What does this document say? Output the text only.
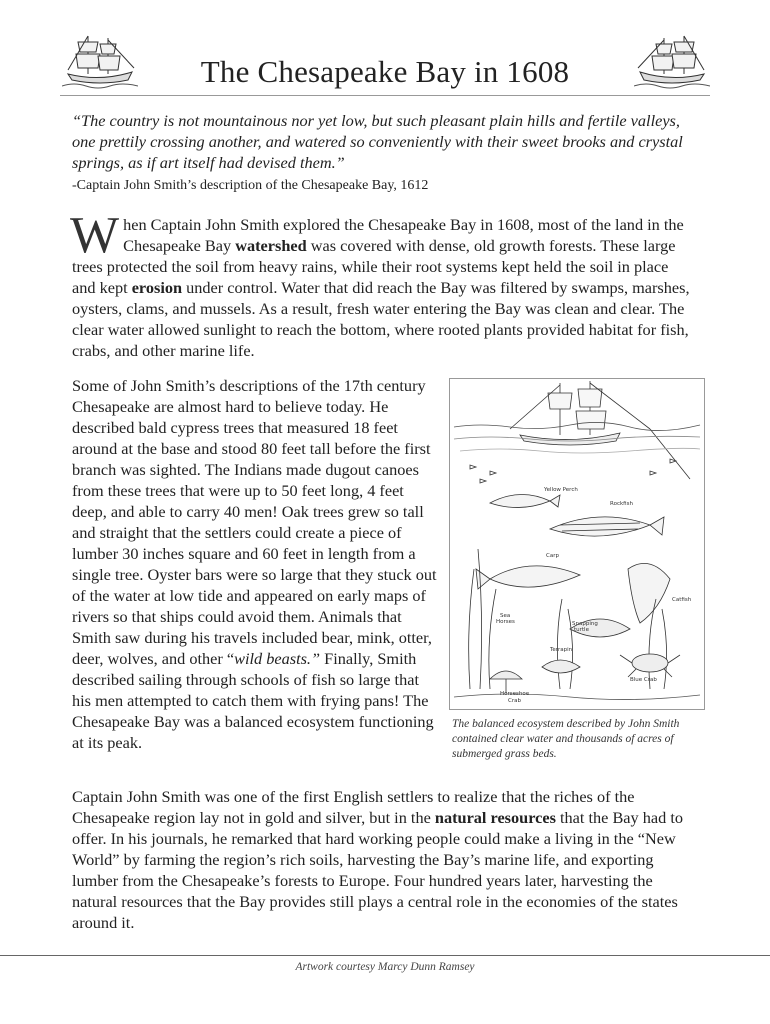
The Chesapeake Bay in 1608
“The country is not mountainous nor yet low, but such pleasant plain hills and fertile valleys, one prettily crossing another, and watered so conveniently with their sweet brooks and crystal springs, as if art itself had devised them.”
-Captain John Smith’s description of the Chesapeake Bay, 1612

When Captain John Smith explored the Chesapeake Bay in 1608, most of the land in the Chesapeake Bay watershed was covered with dense, old growth forests. These large trees protected the soil from heavy rains, while their root systems kept held the soil in place and kept erosion under control. Water that did reach the Bay was filtered by swamps, marshes, oysters, clams, and mussels. As a result, fresh water entering the Bay was clean and clear. The clear water allowed sunlight to reach the bottom, where rooted plants provided habitat for fish, crabs, and other marine life.

Some of John Smith’s descriptions of the 17th century Chesapeake are almost hard to believe today. He described bald cypress trees that measured 18 feet around at the base and stood 80 feet tall before the first branch was sighted. The Indians made dugout canoes from these trees that were up to 50 feet long, 4 feet deep, and able to carry 40 men! Oak trees grew so tall and straight that the settlers could create a piece of lumber 30 inches square and 60 feet in length from a single tree. Oyster bars were so large that they stuck out of the water at low tide and appeared on early maps of rivers so that ships could avoid them. Animals that Smith saw during his travels included bear, mink, otter, deer, wolves, and other “wild beasts.” Finally, Smith described sailing through schools of fish so large that his men attempted to catch them with frying pans! The Chesapeake Bay was a balanced ecosystem functioning at its peak.

Yellow Perch
Rockfish
Carp
Catfish
Snapping
turtle
Sea
Horses
Terrapin
Blue Crab
Horseshoe
Crab
The balanced ecosystem described by John Smith contained clear water and thousands of acres of submerged grass beds.

Captain John Smith was one of the first English settlers to realize that the riches of the Chesapeake region lay not in gold and silver, but in the natural resources that the Bay had to offer. In his journals, he remarked that hard working people could make a living in the “New World” by farming the region’s rich soils, harvesting the Bay’s marine life, and exporting lumber from the Chesapeake’s forests to Europe. Four hundred years later, harvesting the natural resources that the Bay provides still plays a central role in the economies of the states around it.

Artwork courtesy Marcy Dunn Ramsey
